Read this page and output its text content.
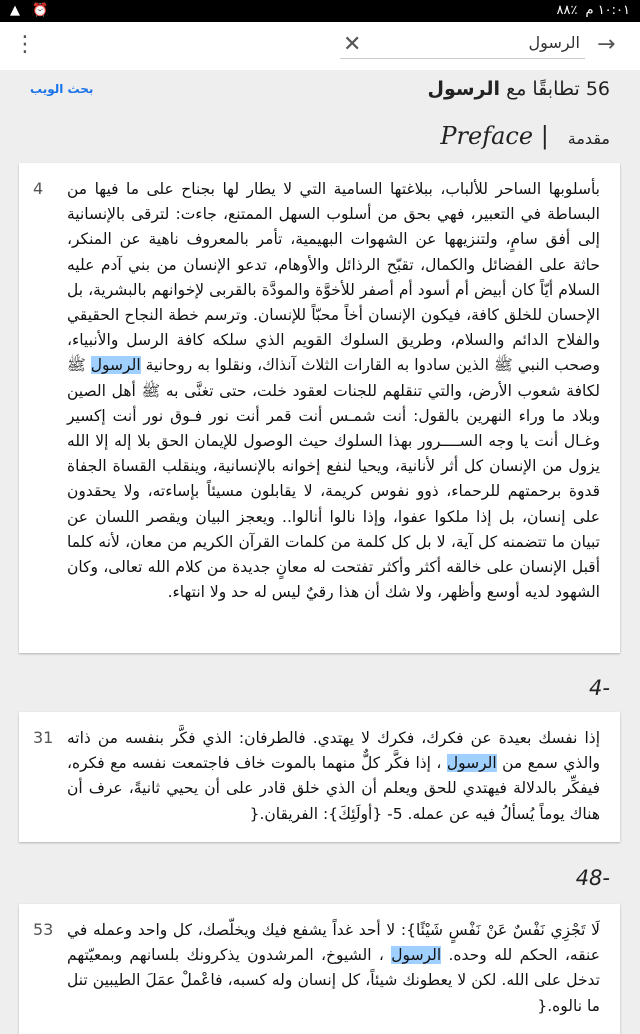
▲ ⏰	٨٨٪ ١٠:٠١ م
⋮	✕	الرسول →
بحث الويب	56 تطابقًا مع الرسول
Preface | مقدمة
4 بأسلوبها الساحر للألباب، ببلاغتها السامية التي لا يطار لها بجناح على ما فيها من البساطة في التعبير، فهي بحق من أسلوب السهل الممتنع، جاءت: لترقى بالإنسانية إلى أفق سامٍ، ولتنزيهها عن الشهوات البهيمية، تأمر بالمعروف ناهية عن المنكر، حاثة على الفضائل والكمال، تقبّح الرذائل والأوهام، تدعو الإنسان من بني آدم عليه السلام أيّاً كان أبيض أم أسود أم أصفر للأخوَّة والمودَّة بالقربى لإخوانهم بالبشرية، بل الإحسان للخلق كافة، فيكون الإنسان أخاً محبّاً للإنسان. وترسم خطة النجاح الحقيقي والفلاح الدائم والسلام، وطريق السلوك القويم الذي سلكه كافة الرسل والأنبياء، وصحب النبي ﷺ الذين سادوا به القارات الثلاث آنذاك، ونقلوا به روحانية الرسول ﷺ لكافة شعوب الأرض، والتي تنقلهم للجنات لعقود خلت، حتى تغنَّى به ﷺ أهل الصين وبلاد ما وراء النهرين بالقول: أنت شمـس أنت قمر أنت نور فـوق نور أنت إكسير وغـال أنت يا وجه الســــرور بهذا السلوك حيث الوصول للإيمان الحق بلا إله إلا الله يزول من الإنسان كل أثر لأنانية، ويحيا لنفع إخوانه بالإنسانية، وينقلب القساة الجفاة قدوة برحمتهم للرحماء، ذوو نفوس كريمة، لا يقابلون مسيئاً بإساءته، ولا يحقدون على إنسان، بل إذا ملكوا عفوا، وإذا نالوا أنالوا.. ويعجز البيان ويقصر اللسان عن تبيان ما تتضمنه كل آية، لا بل كل كلمة من كلمات القرآن الكريم من معان، لأنه كلما أقبل الإنسان على خالقه أكثر وأكثر تفتحت له معانٍ جديدة من كلام الله تعالى، وكان الشهود لديه أوسع وأظهر، ولا شك أن هذا رقيٌ ليس له حد ولا انتهاء.
4-
31 إذا نفسك بعيدة عن فكرك، فكرك لا يهتدي. فالطرفان: الذي فكَّر بنفسه من ذاته والذي سمع من الرسول ، إذا فكَّر كلٌّ منهما بالموت خاف فاجتمعت نفسه مع فكره، فيفكِّر بالدلالة فيهتدي للحق ويعلم أن الذي خلق قادر على أن يحيي ثانيةً، عرف أن هناك يوماً يُسألُ فيه عن عمله. 5- {أولَئِكَ}: الفريقان.{
48-
53 لَا تَجْزِي نَفْسٌ عَنْ نَفْسٍ شَيْئًا}: لا أحد غداً يشفع فيك ويخلّصك، كل واحد وعمله في عنقه، الحكم لله وحده. الرسول ، الشيوخ، المرشدون يذكرونك بلسانهم وبمعيّتهم تدخل على الله. لكن لا يعطونك شيئاً، كل إنسان وله كسبه، فاعْملْ عمَلَ الطيبين تنل ما نالوه.{
